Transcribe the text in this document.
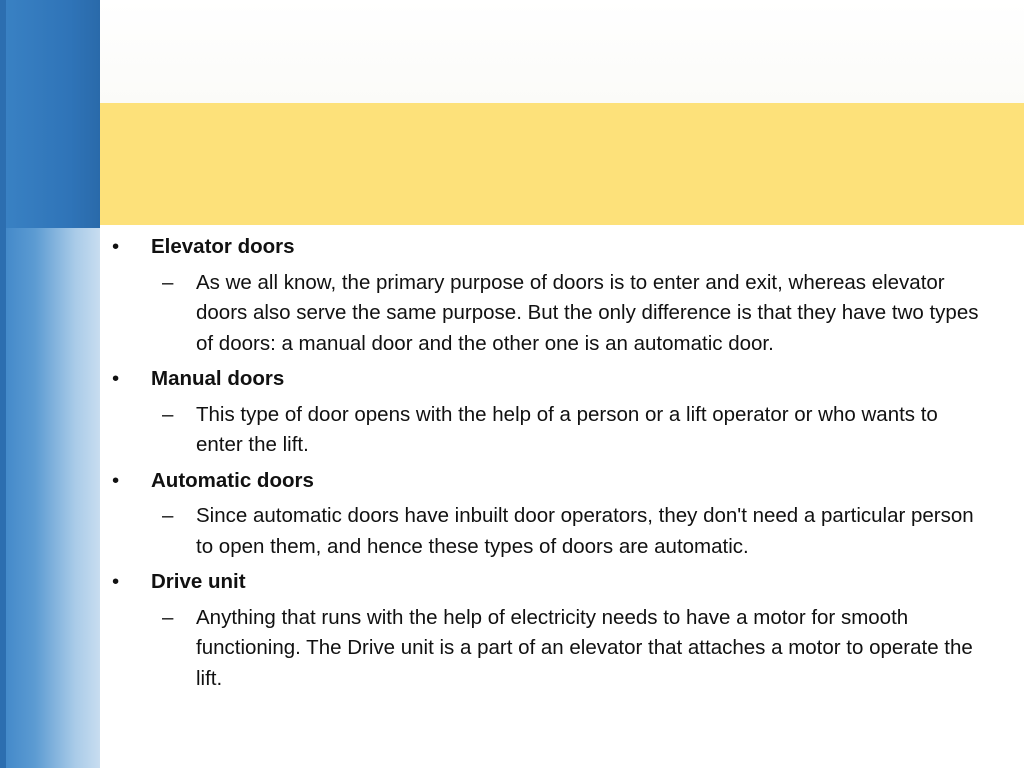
•	Elevator doors
–	As we all know, the primary purpose of doors is to enter and exit, whereas elevator doors also serve the same purpose. But the only difference is that they have two types of doors: a manual door and the other one is an automatic door.
•	Manual doors
–	This type of door opens with the help of a person or a lift operator or who wants to enter the lift.
•	Automatic doors
–	Since automatic doors have inbuilt door operators, they don't need a particular person to open them, and hence these types of doors are automatic.
•	Drive unit
–	Anything that runs with the help of electricity needs to have a motor for smooth functioning. The Drive unit is a part of an elevator that attaches a motor to operate the lift.
